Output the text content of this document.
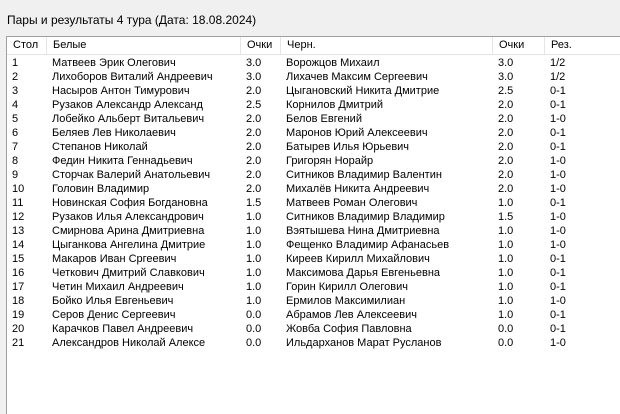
Пары и результаты 4 тура (Дата: 18.08.2024)
Стол	Белые	Очки	Черн.	Очки	Рез.
1	Матвеев Эрик Олегович	3.0	Ворожцов Михаил	3.0	1/2
2	Лихоборов Виталий Андреевич	3.0	Лихачев Максим Сергеевич	3.0	1/2
3	Насыров Антон Тимурович	2.0	Цыгановский Никита Дмитрие	2.5	0-1
4	Рузаков Александр Александ	2.5	Корнилов Дмитрий	2.0	0-1
5	Лобейко Альберт Витальевич	2.0	Белов Евгений	2.0	1-0
6	Беляев Лев Николаевич	2.0	Маронов Юрий Алексеевич	2.0	0-1
7	Степанов Николай	2.0	Батырев Илья Юрьевич	2.0	0-1
8	Федин Никита Геннадьевич	2.0	Григорян Норайр	2.0	1-0
9	Сторчак Валерий Анатольевич	2.0	Ситников Владимир Валентин	2.0	1-0
10	Головин Владимир	2.0	Михалёв Никита Андреевич	2.0	1-0
11	Новинская София Богдановна	1.5	Матвеев Роман Олегович	1.0	0-1
12	Рузаков Илья Александрович	1.0	Ситников Владимир Владимир	1.5	1-0
13	Смирнова Арина Дмитриевна	1.0	Вэятышева Нина Дмитриевна	1.0	1-0
14	Цыганкова Ангелина Дмитрие	1.0	Фещенко Владимир Афанасьев	1.0	1-0
15	Макаров Иван Сргеевич	1.0	Киреев Кирилл Михайлович	1.0	0-1
16	Четкович Дмитрий Славкович	1.0	Максимова Дарья Евгеньевна	1.0	0-1
17	Четин Михаил Андреевич	1.0	Горин Кирилл Олегович	1.0	0-1
18	Бойко Илья Евгеньевич	1.0	Ермилов Максимилиан	1.0	1-0
19	Серов Денис Сергеевич	0.0	Абрамов Лев Алексеевич	1.0	0-1
20	Карачков Павел Андреевич	0.0	Жовба София Павловна	0.0	0-1
21	Александров Николай Алексе	0.0	Ильдарханов Марат Русланов	0.0	1-0
